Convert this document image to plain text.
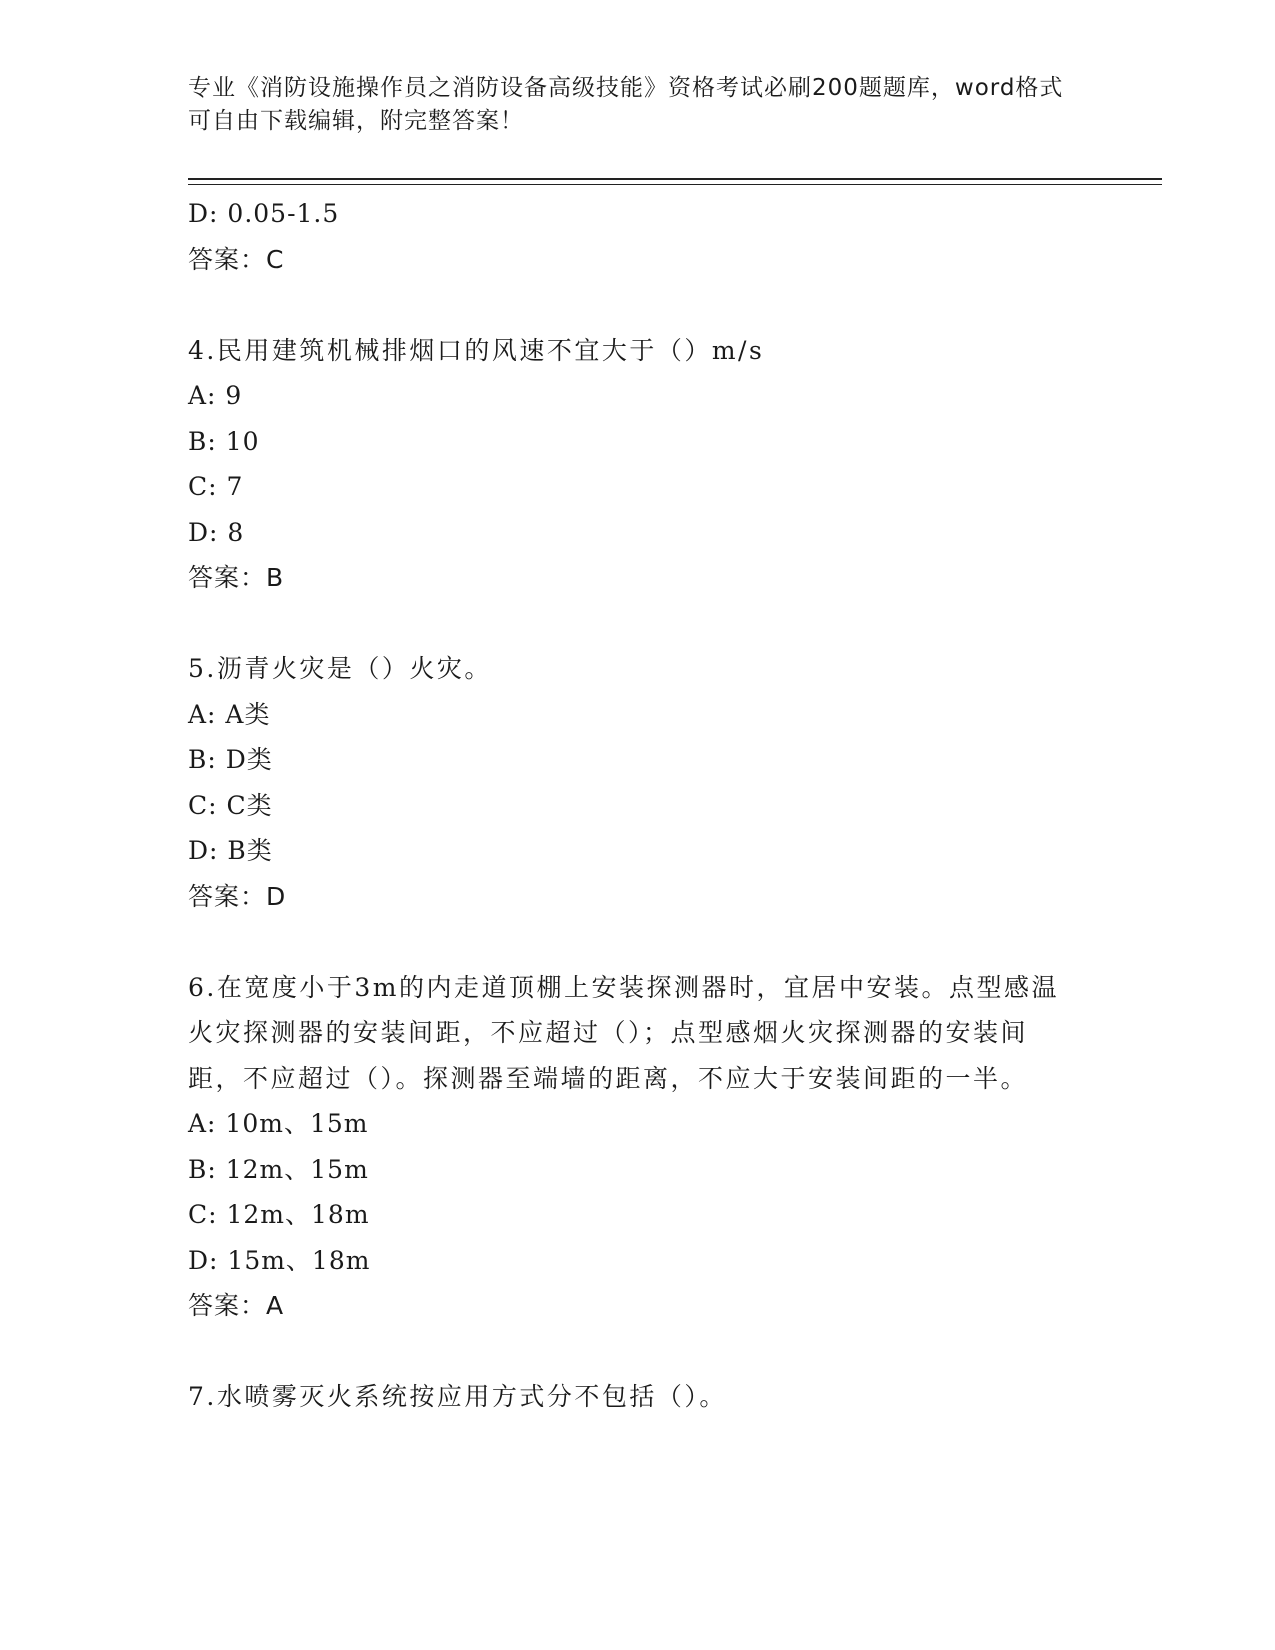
专业《消防设施操作员之消防设备高级技能》资格考试必刷200题题库，word格式可自由下载编辑，附完整答案！
D: 0.05-1.5
答案：C
4.民用建筑机械排烟口的风速不宜大于（）m/s
A: 9
B: 10
C: 7
D: 8
答案：B
5.沥青火灾是（）火灾。
A: A类
B: D类
C: C类
D: B类
答案：D
6.在宽度小于3m的内走道顶棚上安装探测器时，宜居中安装。点型感温火灾探测器的安装间距，不应超过（）；点型感烟火灾探测器的安装间距，不应超过（）。探测器至端墙的距离，不应大于安装间距的一半。
A: 10m、15m
B: 12m、15m
C: 12m、18m
D: 15m、18m
答案：A
7.水喷雾灭火系统按应用方式分不包括（）。
